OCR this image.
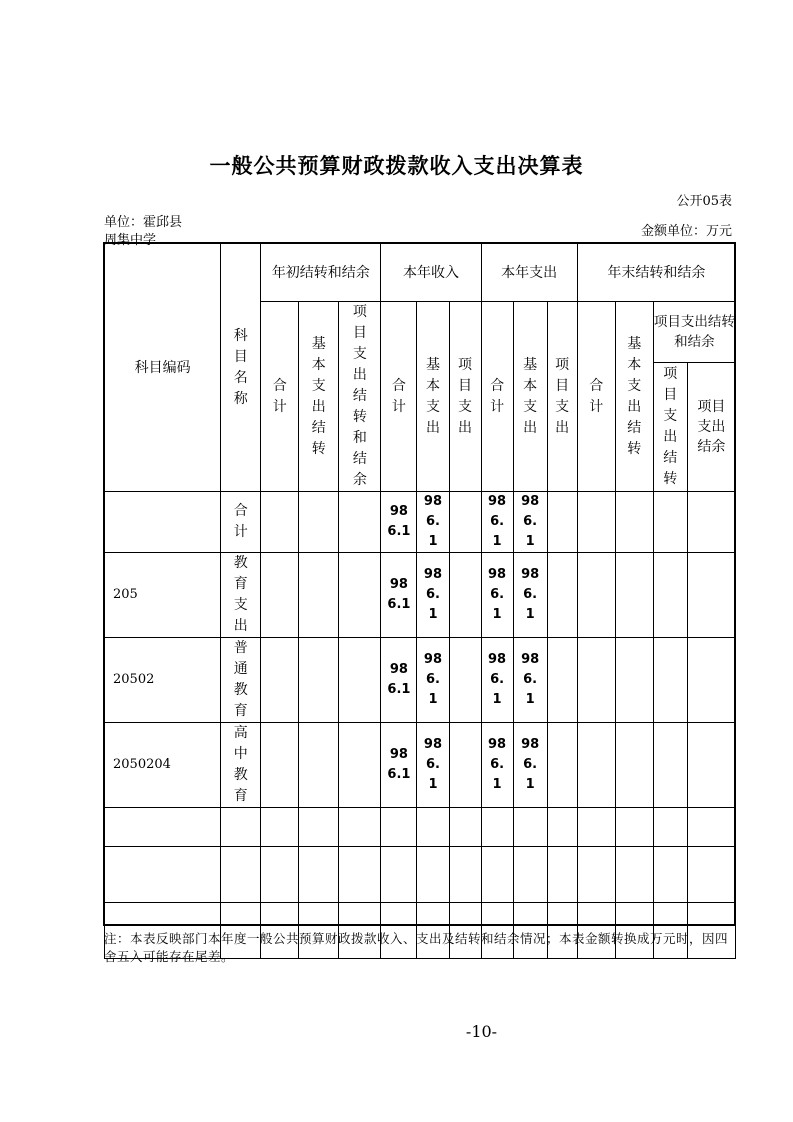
一般公共预算财政拨款收入支出决算表
公开05表
单位：霍邱县
周集中学
金额单位：万元
科目编码	科目名称	年初结转和结余			本年收入			本年支出			年末结转和结余			
		合计	基本支出结转	项目支出结转和结余	合计	基本支出	项目支出	合计	基本支出	项目支出	合计	基本支出结转	项目支出结转和结余	
													项目支出结转	项目支出结余
	合计				986.1	986.1		986.1	986.1					
205	教育支出				986.1	986.1		986.1	986.1					
20502	普通教育				986.1	986.1		986.1	986.1					
2050204	高中教育				986.1	986.1		986.1	986.1					

注：本表反映部门本年度一般公共预算财政拨款收入、支出及结转和结余情况；本表金额转换成万元时，因四舍五入可能存在尾差。
-10-
